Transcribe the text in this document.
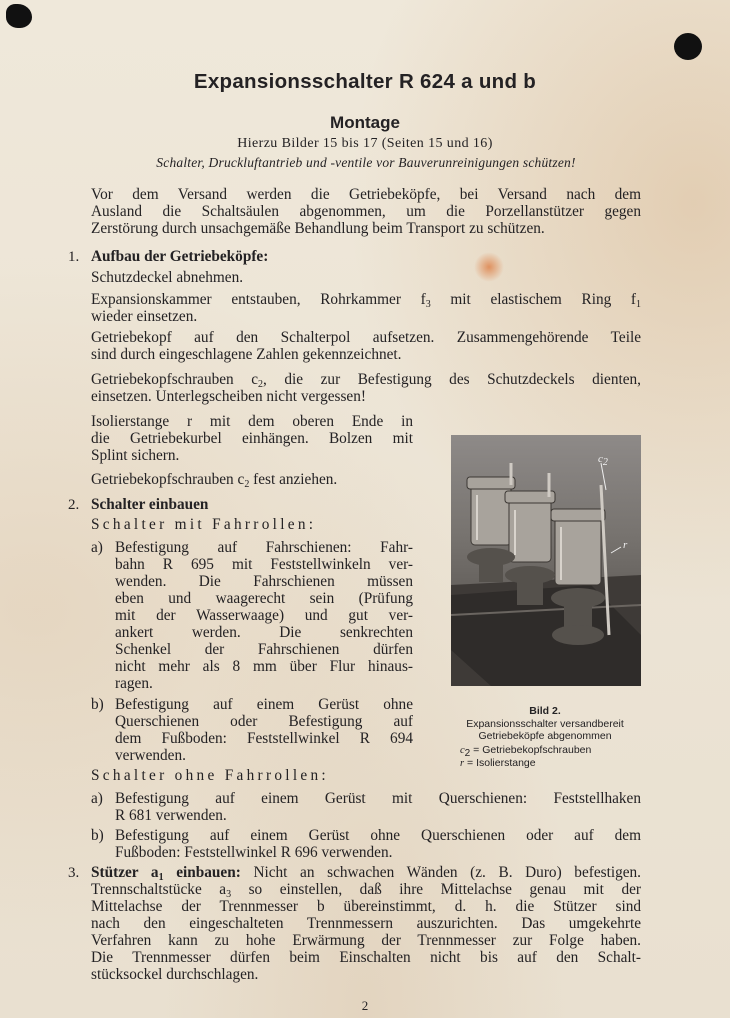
Expansionsschalter R 624 a und b
Montage
Hierzu Bilder 15 bis 17 (Seiten 15 und 16)
Schalter, Druckluftantrieb und -ventile vor Bauverunreinigungen schützen!
Vor dem Versand werden die Getriebeköpfe, bei Versand nach dem
Ausland die Schaltsäulen abgenommen, um die Porzellanstützer gegen
Zerstörung durch unsachgemäße Behandlung beim Transport zu schützen.
1. Aufbau der Getriebeköpfe:
Schutzdeckel abnehmen.
Expansionskammer entstauben, Rohrkammer $f_3$ mit elastischem Ring $f_1$
wieder einsetzen.
Getriebekopf auf den Schalterpol aufsetzen. Zusammengehörende Teile
sind durch eingeschlagene Zahlen gekennzeichnet.
Getriebekopfschrauben $c_2$, die zur Befestigung des Schutzdeckels dienten,
einsetzen. Unterlegscheiben nicht vergessen!
Isolierstange r mit dem oberen Ende in
die Getriebekurbel einhängen. Bolzen mit
Splint sichern.
Getriebekopfschrauben $c_2$ fest anziehen.
2. Schalter einbauen
Schalter mit Fahrrollen:
a) Befestigung auf Fahrschienen: Fahr-
bahn R 695 mit Feststellwinkeln ver-
wenden. Die Fahrschienen müssen
eben und waagerecht sein (Prüfung
mit der Wasserwaage) und gut ver-
ankert werden. Die senkrechten
Schenkel der Fahrschienen dürfen
nicht mehr als 8 mm über Flur hinaus-
ragen.
b) Befestigung auf einem Gerüst ohne
Querschienen oder Befestigung auf
dem Fußboden: Feststellwinkel R 694
verwenden.
Schalter ohne Fahrrollen:
a) Befestigung auf einem Gerüst mit Querschienen: Feststellhaken
R 681 verwenden.
b) Befestigung auf einem Gerüst ohne Querschienen oder auf dem
Fußboden: Feststellwinkel R 696 verwenden.
3. Stützer $a_1$ einbauen: Nicht an schwachen Wänden (z. B. Duro) befestigen.
Trennschaltstücke $a_3$ so einstellen, daß ihre Mittelachse genau mit der
Mittelachse der Trennmesser b übereinstimmt, d. h. die Stützer sind
nach den eingeschalteten Trennmessern auszurichten. Das umgekehrte
Verfahren kann zu hohe Erwärmung der Trennmesser zur Folge haben.
Die Trennmesser dürfen beim Einschalten nicht bis auf den Schalt-
stücksockel durchschlagen.
$c_2$
r
Bild 2.
Expansionsschalter versandbereit
Getriebeköpfe abgenommen
$c_2$ = Getriebekopfschrauben
r = Isolierstange
2
